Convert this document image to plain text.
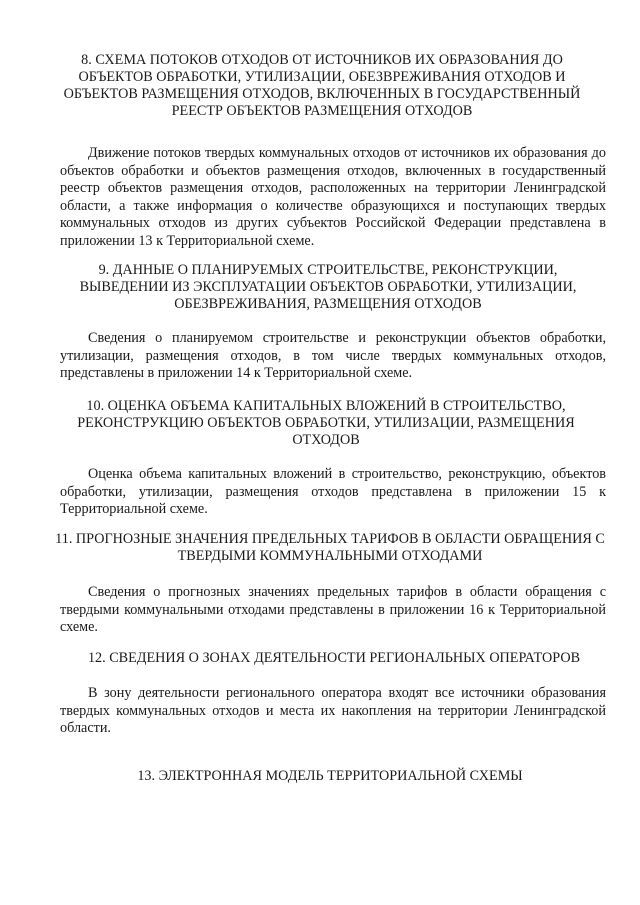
8. СХЕМА ПОТОКОВ ОТХОДОВ ОТ ИСТОЧНИКОВ ИХ ОБРАЗОВАНИЯ ДО ОБЪЕКТОВ ОБРАБОТКИ, УТИЛИЗАЦИИ, ОБЕЗВРЕЖИВАНИЯ ОТХОДОВ И ОБЪЕКТОВ РАЗМЕЩЕНИЯ ОТХОДОВ, ВКЛЮЧЕННЫХ В ГОСУДАРСТВЕННЫЙ РЕЕСТР ОБЪЕКТОВ РАЗМЕЩЕНИЯ ОТХОДОВ

Движение потоков твердых коммунальных отходов от источников их образования до объектов обработки и объектов размещения отходов, включенных в государственный реестр объектов размещения отходов, расположенных на территории Ленинградской области, а также информация о количестве образующихся и поступающих твердых коммунальных отходов из других субъектов Российской Федерации представлена в приложении 13 к Территориальной схеме.

9. ДАННЫЕ О ПЛАНИРУЕМЫХ СТРОИТЕЛЬСТВЕ, РЕКОНСТРУКЦИИ, ВЫВЕДЕНИИ ИЗ ЭКСПЛУАТАЦИИ ОБЪЕКТОВ ОБРАБОТКИ, УТИЛИЗАЦИИ, ОБЕЗВРЕЖИВАНИЯ, РАЗМЕЩЕНИЯ ОТХОДОВ

Сведения о планируемом строительстве и реконструкции объектов обработки, утилизации, размещения отходов, в том числе твердых коммунальных отходов, представлены в приложении 14 к Территориальной схеме.

10. ОЦЕНКА ОБЪЕМА КАПИТАЛЬНЫХ ВЛОЖЕНИЙ В СТРОИТЕЛЬСТВО, РЕКОНСТРУКЦИЮ ОБЪЕКТОВ ОБРАБОТКИ, УТИЛИЗАЦИИ, РАЗМЕЩЕНИЯ ОТХОДОВ

Оценка объема капитальных вложений в строительство, реконструкцию, объектов обработки, утилизации, размещения отходов представлена в приложении 15 к Территориальной схеме.

11. ПРОГНОЗНЫЕ ЗНАЧЕНИЯ ПРЕДЕЛЬНЫХ ТАРИФОВ В ОБЛАСТИ ОБРАЩЕНИЯ С ТВЕРДЫМИ КОММУНАЛЬНЫМИ ОТХОДАМИ

Сведения о прогнозных значениях предельных тарифов в области обращения с твердыми коммунальными отходами представлены в приложении 16 к Территориальной схеме.

12. СВЕДЕНИЯ О ЗОНАХ ДЕЯТЕЛЬНОСТИ РЕГИОНАЛЬНЫХ ОПЕРАТОРОВ

В зону деятельности регионального оператора входят все источники образования твердых коммунальных отходов и места их накопления на территории Ленинградской области.

13. ЭЛЕКТРОННАЯ МОДЕЛЬ ТЕРРИТОРИАЛЬНОЙ СХЕМЫ
